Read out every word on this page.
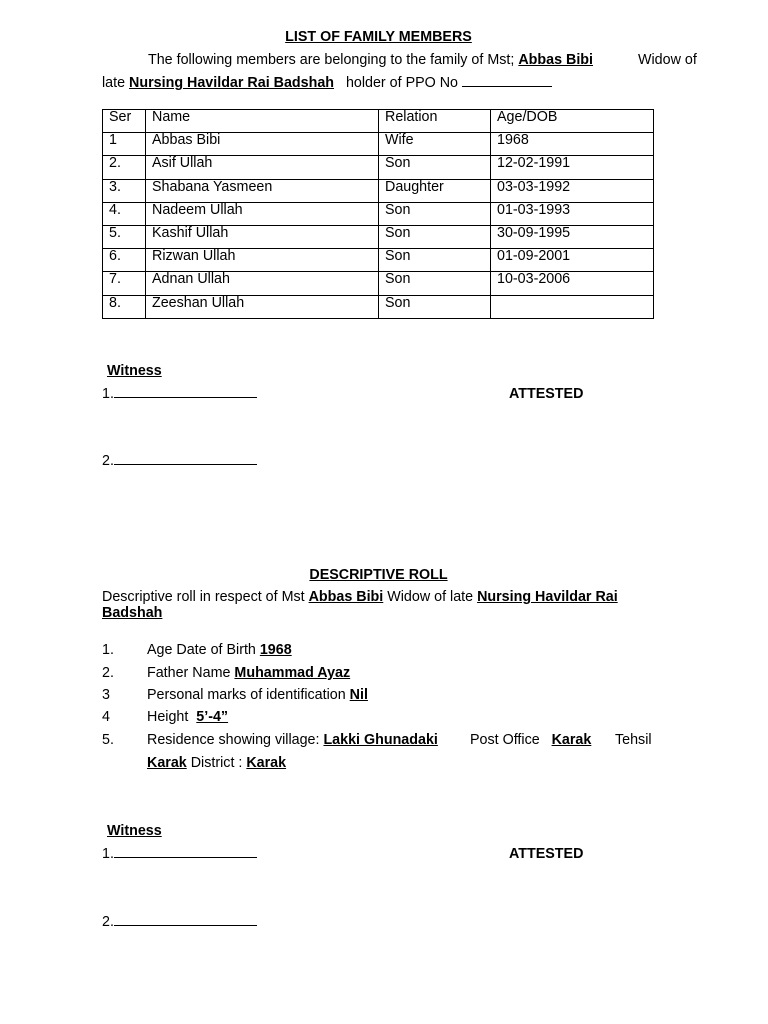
LIST OF FAMILY MEMBERS
The following members are belonging to the family of Mst; Abbas Bibi	Widow of
late Nursing Havildar Rai Badshah holder of PPO No
Ser	Name	Relation	Age/DOB
1	Abbas Bibi	Wife	1968
2.	Asif Ullah	Son	12-02-1991
3.	Shabana Yasmeen	Daughter	03-03-1992
4.	Nadeem Ullah	Son	01-03-1993
5.	Kashif Ullah	Son	30-09-1995
6.	Rizwan Ullah	Son	01-09-2001
7.	Adnan Ullah	Son	10-03-2006
8.	Zeeshan Ullah	Son	
Witness
1.	ATTESTED
2.
DESCRIPTIVE ROLL
Descriptive roll in respect of Mst Abbas Bibi Widow of late Nursing Havildar Rai
Badshah
1. Age Date of Birth 1968
2. Father Name Muhammad Ayaz
3	Personal marks of identification Nil
4	Height 5’-4”
5. Residence showing village: Lakki Ghunadaki Post Office Karak Tehsil
Karak District : Karak
Witness
1.	ATTESTED
2.
